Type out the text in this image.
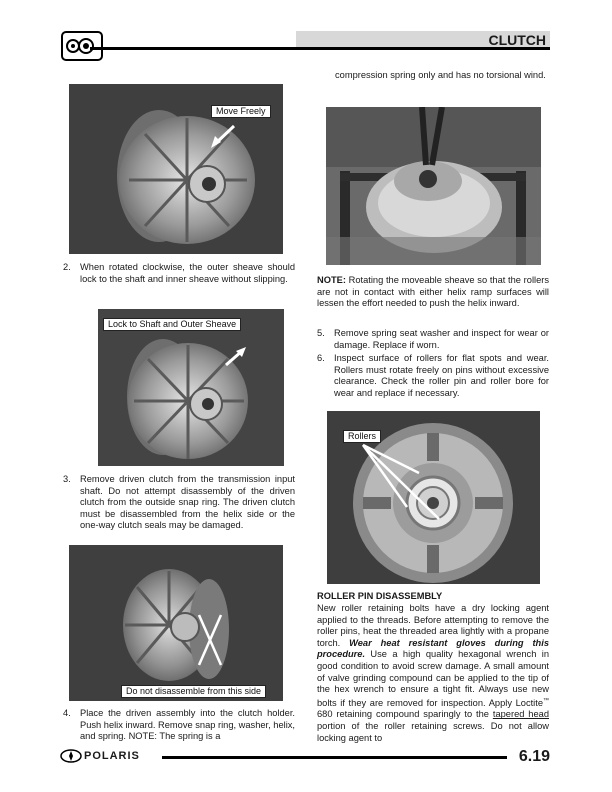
CLUTCH
Move Freely
2. When rotated clockwise, the outer sheave should lock to the shaft and inner sheave without slipping.
Lock to Shaft and Outer Sheave
3. Remove driven clutch from the transmission input shaft. Do not attempt disassembly of the driven clutch from the outside snap ring. The driven clutch must be disassembled from the helix side or the one-way clutch seals may be damaged.
Do not disassemble from this side
4. Place the driven assembly into the clutch holder. Push helix inward. Remove snap ring, washer, helix, and spring. NOTE: The spring is a
compression spring only and has no torsional wind.
NOTE: Rotating the moveable sheave so that the rollers are not in contact with either helix ramp surfaces will lessen the effort needed to push the helix inward.
5. Remove spring seat washer and inspect for wear or damage. Replace if worn.
6. Inspect surface of rollers for flat spots and wear. Rollers must rotate freely on pins without excessive clearance. Check the roller pin and roller bore for wear and replace if necessary.
Rollers
ROLLER PIN DISASSEMBLY
New roller retaining bolts have a dry locking agent applied to the threads. Before attempting to remove the roller pins, heat the threaded area lightly with a propane torch. Wear heat resistant gloves during this procedure. Use a high quality hexagonal wrench in good condition to avoid screw damage. A small amount of valve grinding compound can be applied to the tip of the hex wrench to ensure a tight fit. Always use new bolts if they are removed for inspection. Apply Loctite™ 680 retaining compound sparingly to the tapered head portion of the roller retaining screws. Do not allow locking agent to
POLARIS	6.19
